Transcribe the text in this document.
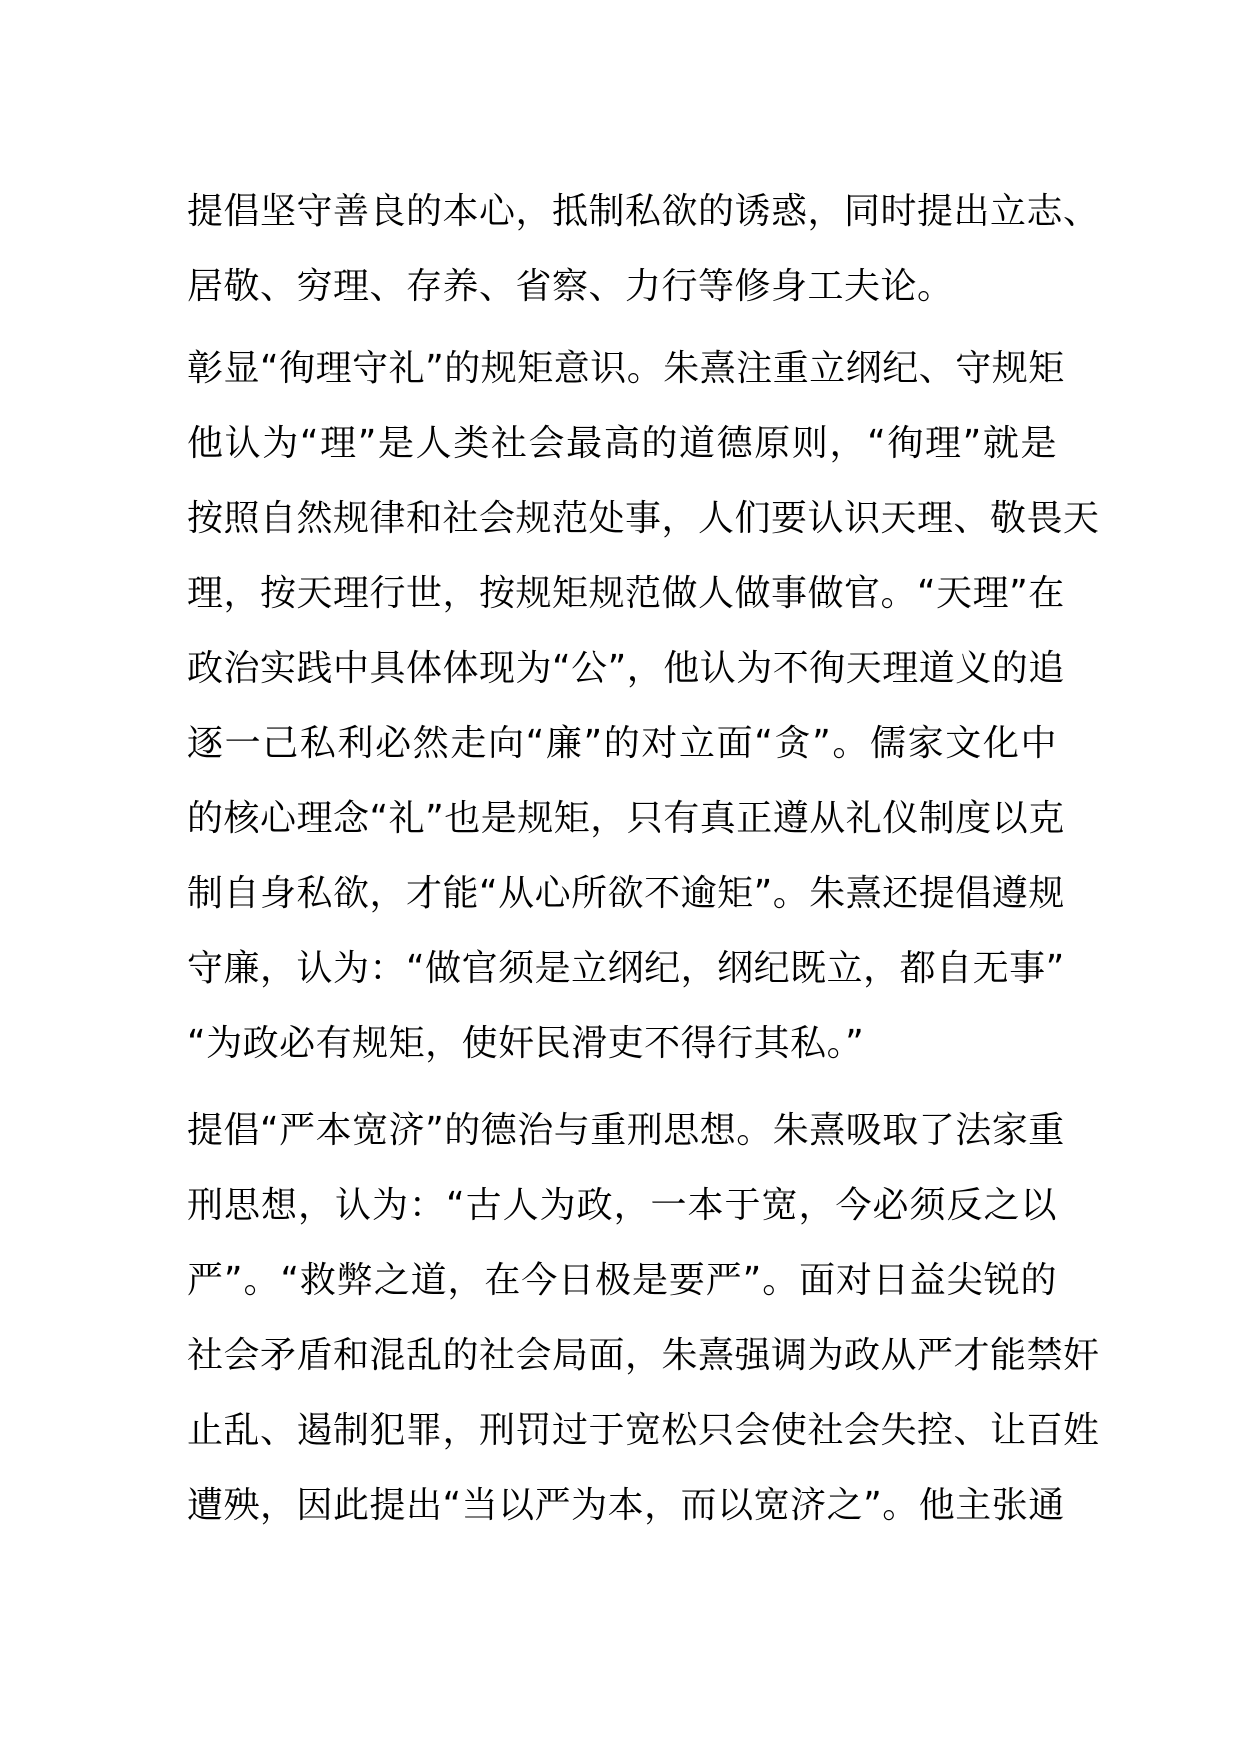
提倡坚守善良的本心，抵制私欲的诱惑，同时提出立志、
居敬、穷理、存养、省察、力行等修身工夫论。
彰显“徇理守礼”的规矩意识。朱熹注重立纲纪、守规矩
他认为“理”是人类社会最高的道德原则，“徇理”就是
按照自然规律和社会规范处事，人们要认识天理、敬畏天
理，按天理行世，按规矩规范做人做事做官。“天理”在
政治实践中具体体现为“公”，他认为不徇天理道义的追
逐一己私利必然走向“廉”的对立面“贪”。儒家文化中
的核心理念“礼”也是规矩，只有真正遵从礼仪制度以克
制自身私欲，才能“从心所欲不逾矩”。朱熹还提倡遵规
守廉，认为：“做官须是立纲纪，纲纪既立，都自无事”
“为政必有规矩，使奸民滑吏不得行其私。”
提倡“严本宽济”的德治与重刑思想。朱熹吸取了法家重
刑思想，认为：“古人为政，一本于宽，今必须反之以
严”。“救弊之道，在今日极是要严”。面对日益尖锐的
社会矛盾和混乱的社会局面，朱熹强调为政从严才能禁奸
止乱、遏制犯罪，刑罚过于宽松只会使社会失控、让百姓
遭殃，因此提出“当以严为本，而以宽济之”。他主张通
